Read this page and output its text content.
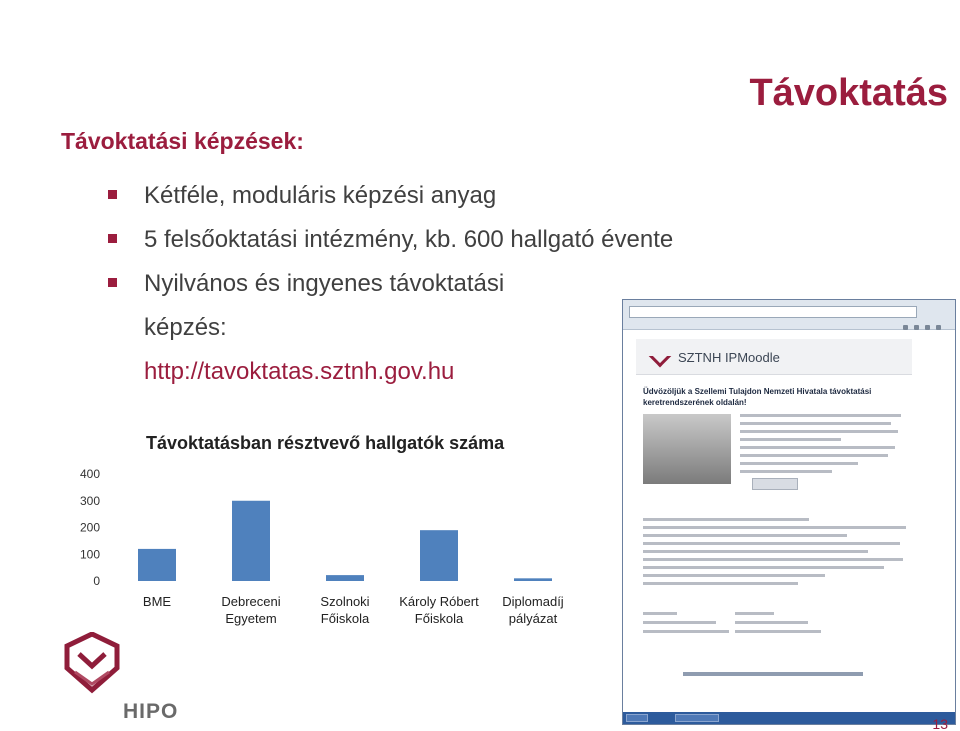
Távoktatás
Távoktatási képzések:
Kétféle, moduláris képzési anyag
5 felsőoktatási intézmény, kb. 600 hallgató évente
Nyilvános és ingyenes távoktatási
képzés:
http://tavoktatas.sztnh.gov.hu
Távoktatásban résztvevő hallgatók száma
400
300
200
100
0
BME	Debreceni
Egyetem
Szolnoki
Főiskola
Károly Róbert
Főiskola
Diplomadíj
pályázat
HIPO
SZTNH IPMoodle
Üdvözöljük a Szellemi Tulajdon Nemzeti Hivatala távoktatási keretrendszerének oldalán!
13
